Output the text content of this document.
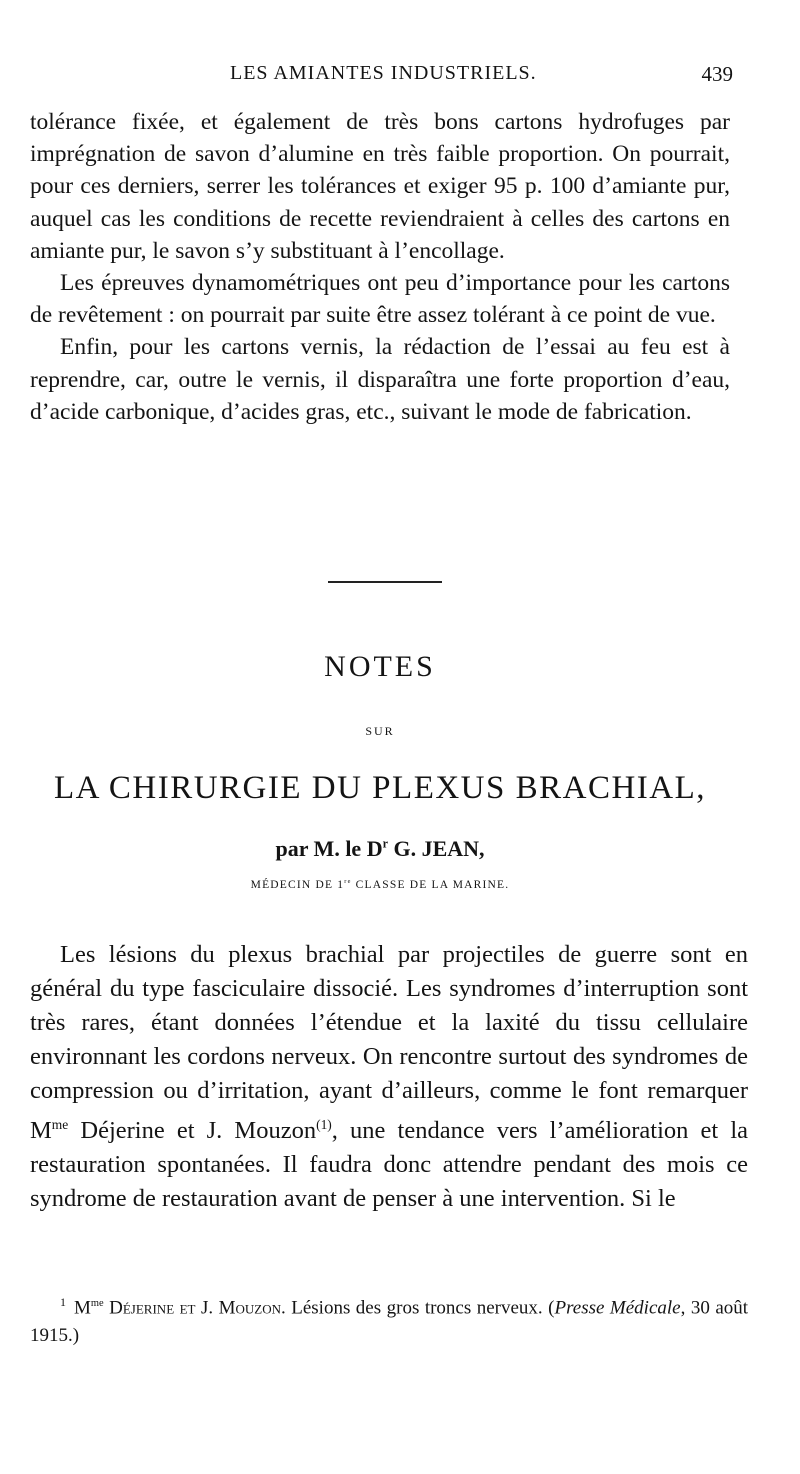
LES AMIANTES INDUSTRIELS.	439

tolérance fixée, et également de très bons cartons hydrofuges par imprégnation de savon d’alumine en très faible proportion. On pourrait, pour ces derniers, serrer les tolérances et exiger 95 p. 100 d’amiante pur, auquel cas les conditions de recette reviendraient à celles des cartons en amiante pur, le savon s’y substituant à l’encollage.

Les épreuves dynamométriques ont peu d’importance pour les cartons de revêtement : on pourrait par suite être assez tolérant à ce point de vue.

Enfin, pour les cartons vernis, la rédaction de l’essai au feu est à reprendre, car, outre le vernis, il disparaîtra une forte proportion d’eau, d’acide carbonique, d’acides gras, etc., suivant le mode de fabrication.

NOTES
SUR
LA CHIRURGIE DU PLEXUS BRACHIAL,
par M. le $D^r$ G. JEAN,
MÉDECIN DE 1re CLASSE DE LA MARINE.

Les lésions du plexus brachial par projectiles de guerre sont en général du type fasciculaire dissocié. Les syndromes d’interruption sont très rares, étant données l’étendue et la laxité du tissu cellulaire environnant les cordons nerveux. On rencontre surtout des syndromes de compression ou d’irritation, ayant d’ailleurs, comme le font remarquer $M^{me}$ Déjerine et J. Mouzon$^{(1)}$, une tendance vers l’amélioration et la restauration spontanées. Il faudra donc attendre pendant des mois ce syndrome de restauration avant de penser à une intervention. Si le

$^1$ $M^{me}$ Déjerine et J. Mouzon. Lésions des gros troncs nerveux. (Presse Médicale, 30 août 1915.)
